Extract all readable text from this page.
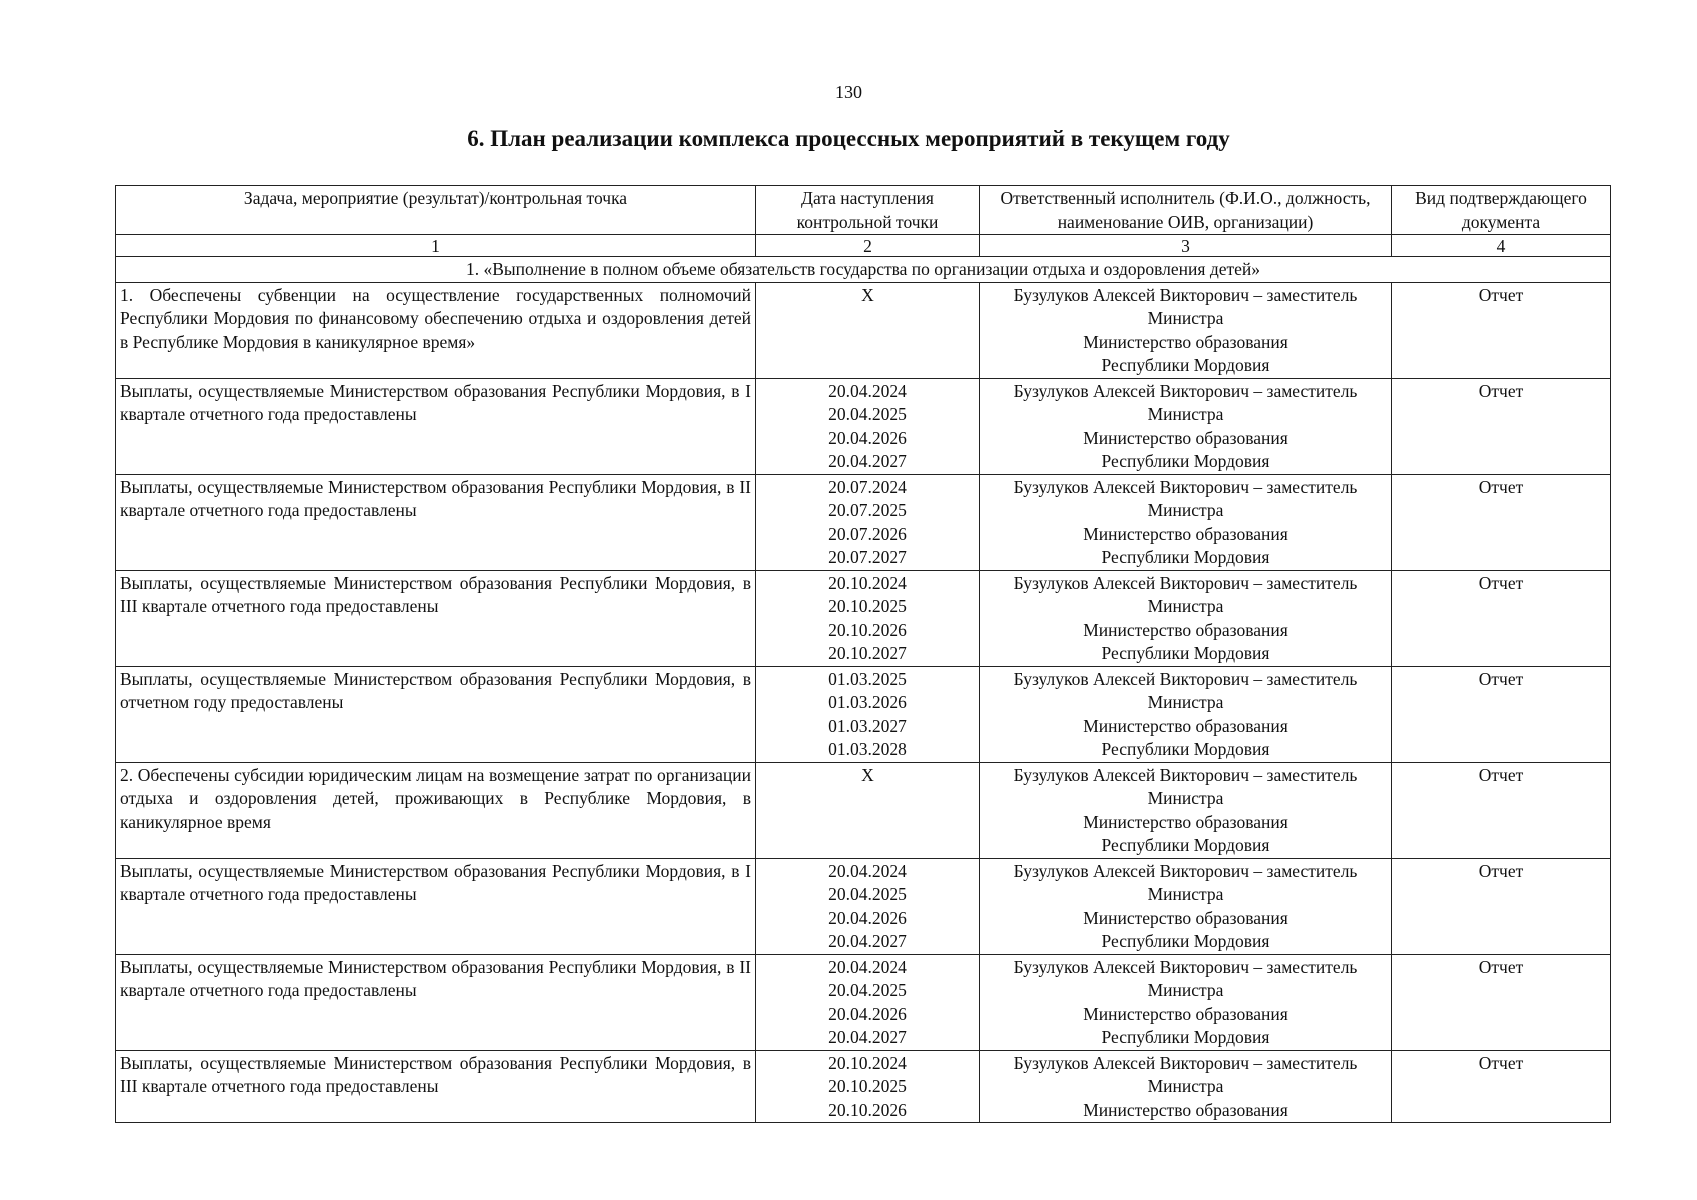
130
6. План реализации комплекса процессных мероприятий в текущем году
Задача, мероприятие (результат)/контрольная точка	Дата наступления контрольной точки	Ответственный исполнитель (Ф.И.О., должность, наименование ОИВ, организации)	Вид подтверждающего документа
1	2	3	4
1. «Выполнение в полном объеме обязательств государства по организации отдыха и оздоровления детей»			
1. Обеспечены субвенции на осуществление государственных полномочий Республики Мордовия по финансовому обеспечению отдыха и оздоровления детей в Республике Мордовия в каникулярное время»	X	Бузулуков Алексей Викторович – заместитель
Министра
Министерство образования
Республики Мордовия	Отчет
Выплаты, осуществляемые Министерством образования Республики Мордовия, в I квартале отчетного года предоставлены	20.04.2024
20.04.2025
20.04.2026
20.04.2027	Бузулуков Алексей Викторович – заместитель
Министра
Министерство образования
Республики Мордовия	Отчет
Выплаты, осуществляемые Министерством образования Республики Мордовия, в II квартале отчетного года предоставлены	20.07.2024
20.07.2025
20.07.2026
20.07.2027	Бузулуков Алексей Викторович – заместитель
Министра
Министерство образования
Республики Мордовия	Отчет
Выплаты, осуществляемые Министерством образования Республики Мордовия, в III квартале отчетного года предоставлены	20.10.2024
20.10.2025
20.10.2026
20.10.2027	Бузулуков Алексей Викторович – заместитель
Министра
Министерство образования
Республики Мордовия	Отчет
Выплаты, осуществляемые Министерством образования Республики Мордовия, в отчетном году предоставлены	01.03.2025
01.03.2026
01.03.2027
01.03.2028	Бузулуков Алексей Викторович – заместитель
Министра
Министерство образования
Республики Мордовия	Отчет
2. Обеспечены субсидии юридическим лицам на возмещение затрат по организации отдыха и оздоровления детей, проживающих в Республике Мордовия, в каникулярное время	X	Бузулуков Алексей Викторович – заместитель
Министра
Министерство образования
Республики Мордовия	Отчет
Выплаты, осуществляемые Министерством образования Республики Мордовия, в I квартале отчетного года предоставлены	20.04.2024
20.04.2025
20.04.2026
20.04.2027	Бузулуков Алексей Викторович – заместитель
Министра
Министерство образования
Республики Мордовия	Отчет
Выплаты, осуществляемые Министерством образования Республики Мордовия, в II квартале отчетного года предоставлены	20.04.2024
20.04.2025
20.04.2026
20.04.2027	Бузулуков Алексей Викторович – заместитель
Министра
Министерство образования
Республики Мордовия	Отчет
Выплаты, осуществляемые Министерством образования Республики Мордовия, в III квартале отчетного года предоставлены	20.10.2024
20.10.2025
20.10.2026	Бузулуков Алексей Викторович – заместитель
Министра
Министерство образования	Отчет
